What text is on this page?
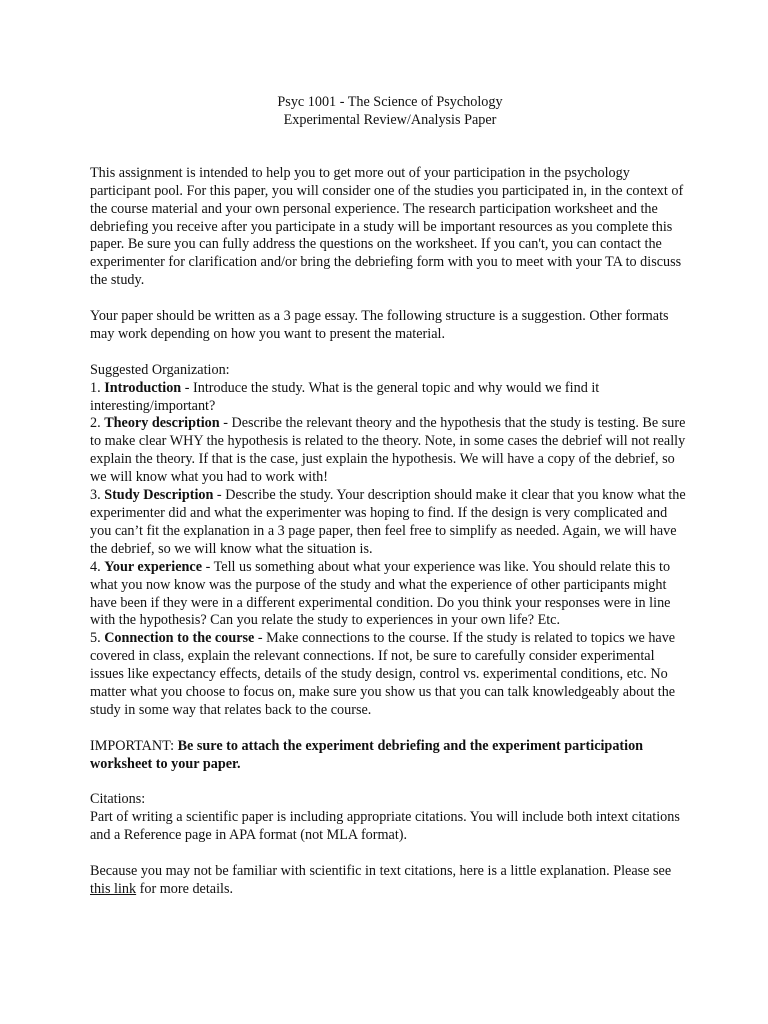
Psyc 1001 - The Science of Psychology
Experimental Review/Analysis Paper

This assignment is intended to help you to get more out of your participation in the psychology participant pool. For this paper, you will consider one of the studies you participated in, in the context of the course material and your own personal experience. The research participation worksheet and the debriefing you receive after you participate in a study will be important resources as you complete this paper. Be sure you can fully address the questions on the worksheet. If you can't, you can contact the experimenter for clarification and/or bring the debriefing form with you to meet with your TA to discuss the study.

Your paper should be written as a 3 page essay. The following structure is a suggestion. Other formats may work depending on how you want to present the material.

Suggested Organization:
1. Introduction - Introduce the study. What is the general topic and why would we find it interesting/important?
2. Theory description - Describe the relevant theory and the hypothesis that the study is testing. Be sure to make clear WHY the hypothesis is related to the theory. Note, in some cases the debrief will not really explain the theory. If that is the case, just explain the hypothesis. We will have a copy of the debrief, so we will know what you had to work with!
3. Study Description - Describe the study. Your description should make it clear that you know what the experimenter did and what the experimenter was hoping to find. If the design is very complicated and you can’t fit the explanation in a 3 page paper, then feel free to simplify as needed. Again, we will have the debrief, so we will know what the situation is.
4. Your experience - Tell us something about what your experience was like. You should relate this to what you now know was the purpose of the study and what the experience of other participants might have been if they were in a different experimental condition. Do you think your responses were in line with the hypothesis? Can you relate the study to experiences in your own life? Etc.
5. Connection to the course - Make connections to the course. If the study is related to topics we have covered in class, explain the relevant connections. If not, be sure to carefully consider experimental issues like expectancy effects, details of the study design, control vs. experimental conditions, etc. No matter what you choose to focus on, make sure you show us that you can talk knowledgeably about the study in some way that relates back to the course.

IMPORTANT: Be sure to attach the experiment debriefing and the experiment participation worksheet to your paper.

Citations:
Part of writing a scientific paper is including appropriate citations. You will include both intext citations and a Reference page in APA format (not MLA format).

Because you may not be familiar with scientific in text citations, here is a little explanation. Please see this link for more details.
